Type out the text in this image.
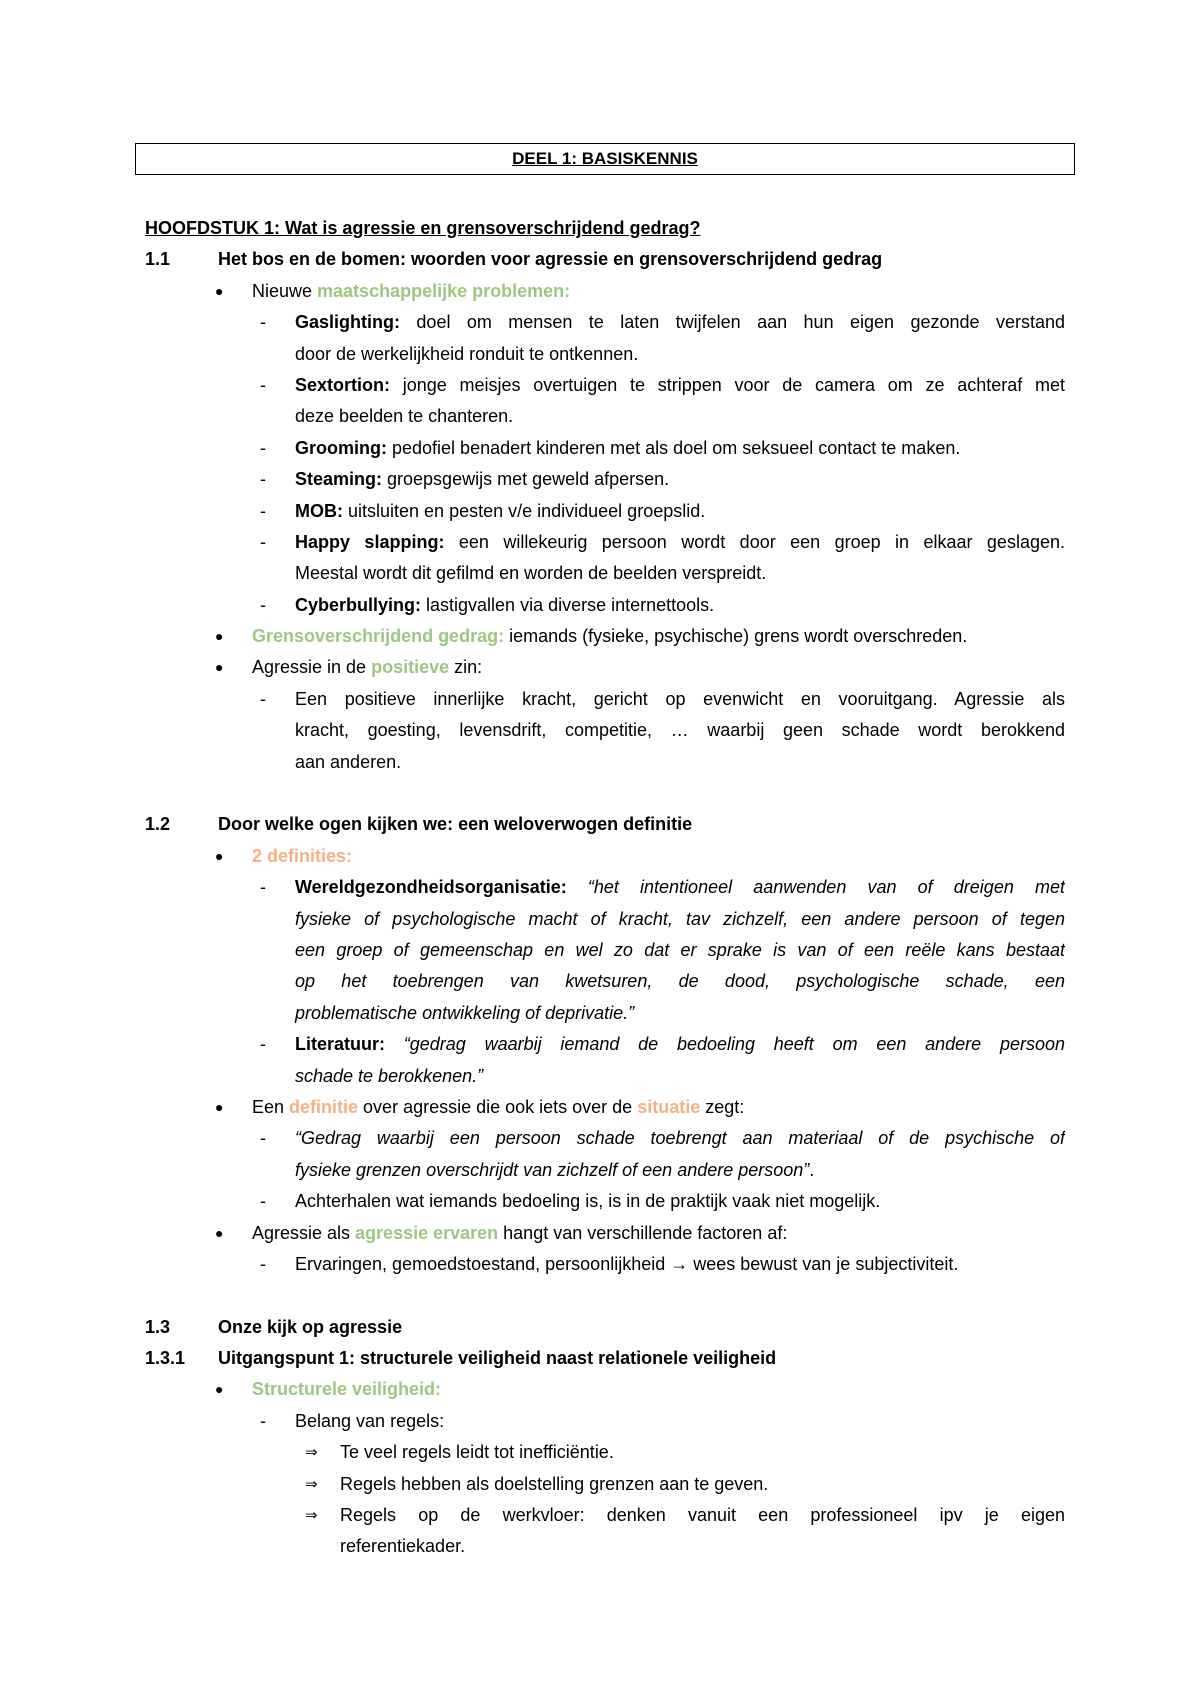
DEEL 1: BASISKENNIS
HOOFDSTUK 1: Wat is agressie en grensoverschrijdend gedrag?
1.1	Het bos en de bomen: woorden voor agressie en grensoverschrijdend gedrag
● Nieuwe maatschappelijke problemen:
- Gaslighting: doel om mensen te laten twijfelen aan hun eigen gezonde verstand
door de werkelijkheid ronduit te ontkennen.
- Sextortion: jonge meisjes overtuigen te strippen voor de camera om ze achteraf met
deze beelden te chanteren.
- Grooming: pedofiel benadert kinderen met als doel om seksueel contact te maken.
- Steaming: groepsgewijs met geweld afpersen.
- MOB: uitsluiten en pesten v/e individueel groepslid.
- Happy slapping: een willekeurig persoon wordt door een groep in elkaar geslagen.
Meestal wordt dit gefilmd en worden de beelden verspreidt.
- Cyberbullying: lastigvallen via diverse internettools.
● Grensoverschrijdend gedrag: iemands (fysieke, psychische) grens wordt overschreden.
● Agressie in de positieve zin:
- Een positieve innerlijke kracht, gericht op evenwicht en vooruitgang. Agressie als
kracht, goesting, levensdrift, competitie, … waarbij geen schade wordt berokkend
aan anderen.
1.2	Door welke ogen kijken we: een weloverwogen definitie
● 2 definities:
- Wereldgezondheidsorganisatie: “het intentioneel aanwenden van of dreigen met
fysieke of psychologische macht of kracht, tav zichzelf, een andere persoon of tegen
een groep of gemeenschap en wel zo dat er sprake is van of een reële kans bestaat
op het toebrengen van kwetsuren, de dood, psychologische schade, een
problematische ontwikkeling of deprivatie.”
- Literatuur: “gedrag waarbij iemand de bedoeling heeft om een andere persoon
schade te berokkenen.”
● Een definitie over agressie die ook iets over de situatie zegt:
- “Gedrag waarbij een persoon schade toebrengt aan materiaal of de psychische of
fysieke grenzen overschrijdt van zichzelf of een andere persoon”.
- Achterhalen wat iemands bedoeling is, is in de praktijk vaak niet mogelijk.
● Agressie als agressie ervaren hangt van verschillende factoren af:
- Ervaringen, gemoedstoestand, persoonlijkheid → wees bewust van je subjectiviteit.
1.3	Onze kijk op agressie
1.3.1	Uitgangspunt 1: structurele veiligheid naast relationele veiligheid
● Structurele veiligheid:
- Belang van regels:
⇒ Te veel regels leidt tot inefficiëntie.
⇒ Regels hebben als doelstelling grenzen aan te geven.
⇒ Regels op de werkvloer: denken vanuit een professioneel ipv je eigen
referentiekader.
